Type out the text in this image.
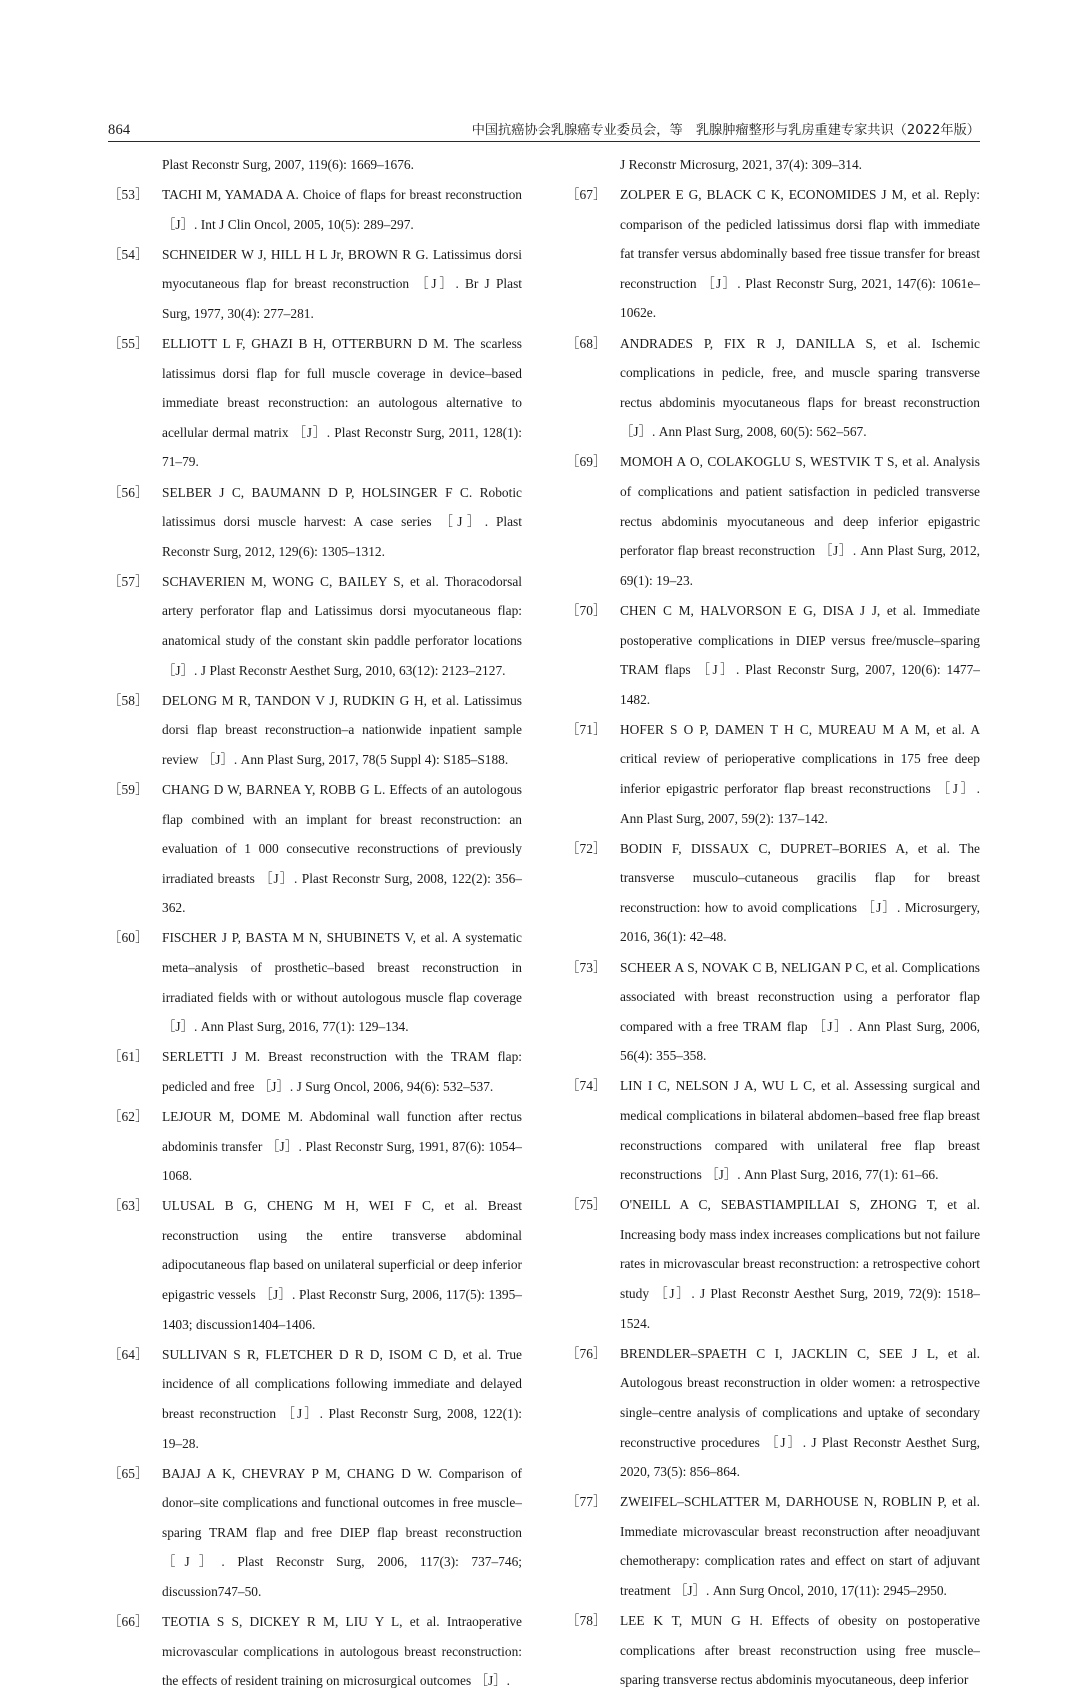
864	中国抗癌协会乳腺癌专业委员会，等　乳腺肿瘤整形与乳房重建专家共识（2022年版）
Plast Reconstr Surg, 2007, 119(6): 1669–1676.
［53］	TACHI M, YAMADA A. Choice of flaps for breast reconstruction ［J］. Int J Clin Oncol, 2005, 10(5): 289–297.
［54］	SCHNEIDER W J, HILL H L Jr, BROWN R G. Latissimus dorsi myocutaneous flap for breast reconstruction ［J］. Br J Plast Surg, 1977, 30(4): 277–281.
［55］	ELLIOTT L F, GHAZI B H, OTTERBURN D M. The scarless latissimus dorsi flap for full muscle coverage in device–based immediate breast reconstruction: an autologous alternative to acellular dermal matrix ［J］. Plast Reconstr Surg, 2011, 128(1): 71–79.
［56］	SELBER J C, BAUMANN D P, HOLSINGER F C. Robotic latissimus dorsi muscle harvest: A case series ［J］. Plast Reconstr Surg, 2012, 129(6): 1305–1312.
［57］	SCHAVERIEN M, WONG C, BAILEY S, et al. Thoracodorsal artery perforator flap and Latissimus dorsi myocutaneous flap: anatomical study of the constant skin paddle perforator locations ［J］. J Plast Reconstr Aesthet Surg, 2010, 63(12): 2123–2127.
［58］	DELONG M R, TANDON V J, RUDKIN G H, et al. Latissimus dorsi flap breast reconstruction–a nationwide inpatient sample review ［J］. Ann Plast Surg, 2017, 78(5 Suppl 4): S185–S188.
［59］	CHANG D W, BARNEA Y, ROBB G L. Effects of an autologous flap combined with an implant for breast reconstruction: an evaluation of 1 000 consecutive reconstructions of previously irradiated breasts ［J］. Plast Reconstr Surg, 2008, 122(2): 356–362.
［60］	FISCHER J P, BASTA M N, SHUBINETS V, et al. A systematic meta–analysis of prosthetic–based breast reconstruction in irradiated fields with or without autologous muscle flap coverage ［J］. Ann Plast Surg, 2016, 77(1): 129–134.
［61］	SERLETTI J M. Breast reconstruction with the TRAM flap: pedicled and free ［J］. J Surg Oncol, 2006, 94(6): 532–537.
［62］	LEJOUR M, DOME M. Abdominal wall function after rectus abdominis transfer ［J］. Plast Reconstr Surg, 1991, 87(6): 1054–1068.
［63］	ULUSAL B G, CHENG M H, WEI F C, et al. Breast reconstruction using the entire transverse abdominal adipocutaneous flap based on unilateral superficial or deep inferior epigastric vessels ［J］. Plast Reconstr Surg, 2006, 117(5): 1395–1403; discussion1404–1406.
［64］	SULLIVAN S R, FLETCHER D R D, ISOM C D, et al. True incidence of all complications following immediate and delayed breast reconstruction ［J］. Plast Reconstr Surg, 2008, 122(1): 19–28.
［65］	BAJAJ A K, CHEVRAY P M, CHANG D W. Comparison of donor–site complications and functional outcomes in free muscle–sparing TRAM flap and free DIEP flap breast reconstruction ［J］. Plast Reconstr Surg, 2006, 117(3): 737–746; discussion747–50.
［66］	TEOTIA S S, DICKEY R M, LIU Y L, et al. Intraoperative microvascular complications in autologous breast reconstruction: the effects of resident training on microsurgical outcomes ［J］.
J Reconstr Microsurg, 2021, 37(4): 309–314.
［67］	ZOLPER E G, BLACK C K, ECONOMIDES J M, et al. Reply: comparison of the pedicled latissimus dorsi flap with immediate fat transfer versus abdominally based free tissue transfer for breast reconstruction ［J］. Plast Reconstr Surg, 2021, 147(6): 1061e–1062e.
［68］	ANDRADES P, FIX R J, DANILLA S, et al. Ischemic complications in pedicle, free, and muscle sparing transverse rectus abdominis myocutaneous flaps for breast reconstruction ［J］. Ann Plast Surg, 2008, 60(5): 562–567.
［69］	MOMOH A O, COLAKOGLU S, WESTVIK T S, et al. Analysis of complications and patient satisfaction in pedicled transverse rectus abdominis myocutaneous and deep inferior epigastric perforator flap breast reconstruction ［J］. Ann Plast Surg, 2012, 69(1): 19–23.
［70］	CHEN C M, HALVORSON E G, DISA J J, et al. Immediate postoperative complications in DIEP versus free/muscle–sparing TRAM flaps ［J］. Plast Reconstr Surg, 2007, 120(6): 1477–1482.
［71］	HOFER S O P, DAMEN T H C, MUREAU M A M, et al. A critical review of perioperative complications in 175 free deep inferior epigastric perforator flap breast reconstructions ［J］. Ann Plast Surg, 2007, 59(2): 137–142.
［72］	BODIN F, DISSAUX C, DUPRET–BORIES A, et al. The transverse musculo–cutaneous gracilis flap for breast reconstruction: how to avoid complications ［J］. Microsurgery, 2016, 36(1): 42–48.
［73］	SCHEER A S, NOVAK C B, NELIGAN P C, et al. Complications associated with breast reconstruction using a perforator flap compared with a free TRAM flap ［J］. Ann Plast Surg, 2006, 56(4): 355–358.
［74］	LIN I C, NELSON J A, WU L C, et al. Assessing surgical and medical complications in bilateral abdomen–based free flap breast reconstructions compared with unilateral free flap breast reconstructions ［J］. Ann Plast Surg, 2016, 77(1): 61–66.
［75］	O'NEILL A C, SEBASTIAMPILLAI S, ZHONG T, et al. Increasing body mass index increases complications but not failure rates in microvascular breast reconstruction: a retrospective cohort study ［J］. J Plast Reconstr Aesthet Surg, 2019, 72(9): 1518–1524.
［76］	BRENDLER–SPAETH C I, JACKLIN C, SEE J L, et al. Autologous breast reconstruction in older women: a retrospective single–centre analysis of complications and uptake of secondary reconstructive procedures ［J］. J Plast Reconstr Aesthet Surg, 2020, 73(5): 856–864.
［77］	ZWEIFEL–SCHLATTER M, DARHOUSE N, ROBLIN P, et al. Immediate microvascular breast reconstruction after neoadjuvant chemotherapy: complication rates and effect on start of adjuvant treatment ［J］. Ann Surg Oncol, 2010, 17(11): 2945–2950.
［78］	LEE K T, MUN G H. Effects of obesity on postoperative complications after breast reconstruction using free muscle–sparing transverse rectus abdominis myocutaneous, deep inferior
